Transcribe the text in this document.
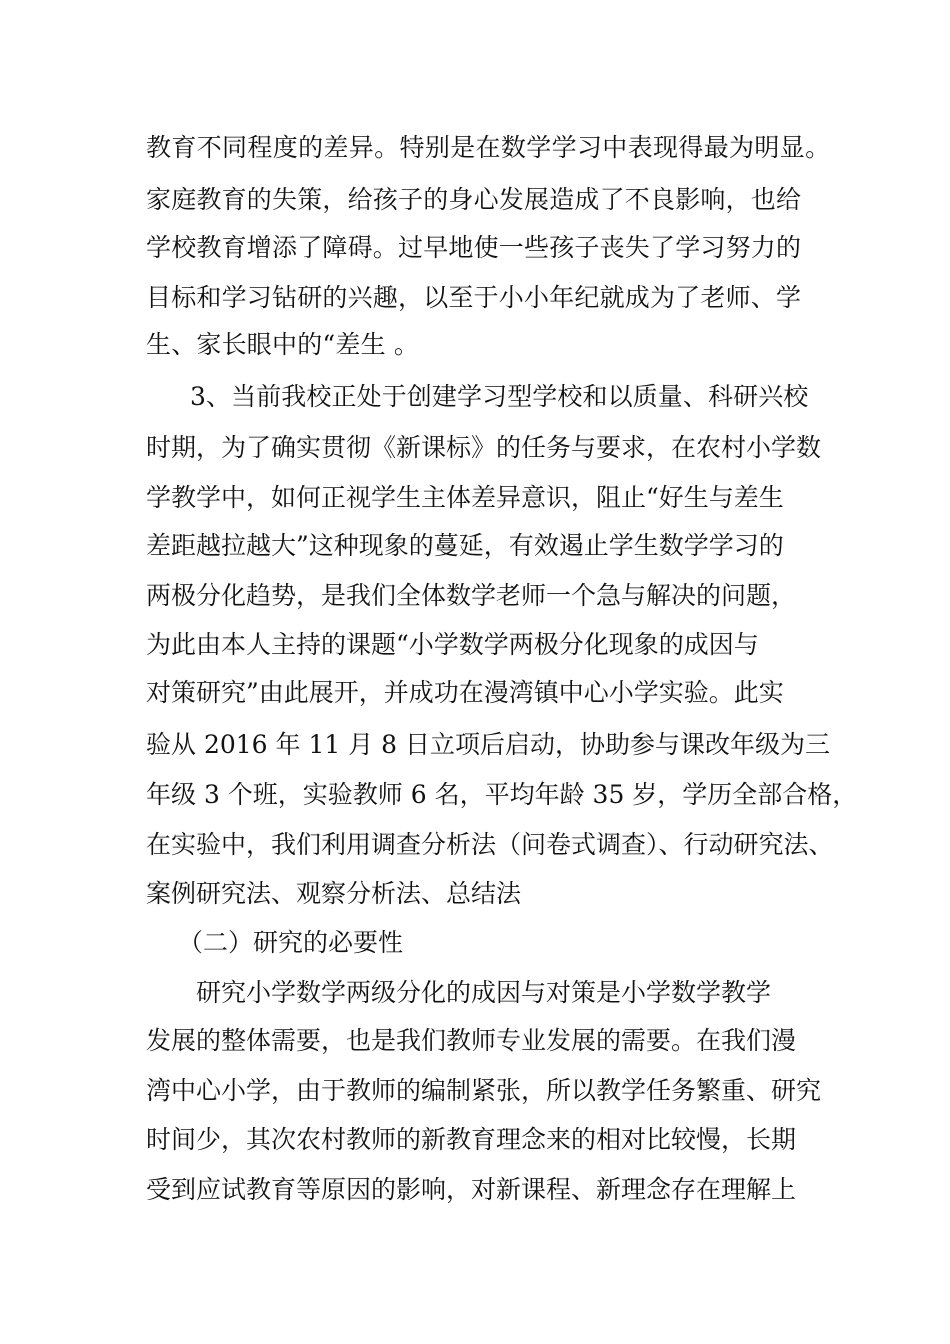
教育不同程度的差异。特别是在数学学习中表现得最为明显。
家庭教育的失策，给孩子的身心发展造成了不良影响，也给
学校教育增添了障碍。过早地使一些孩子丧失了学习努力的
目标和学习钻研的兴趣，以至于小小年纪就成为了老师、学
生、家长眼中的“差生 。
3、当前我校正处于创建学习型学校和以质量、科研兴校
时期，为了确实贯彻《新课标》的任务与要求，在农村小学数
学教学中，如何正视学生主体差异意识，阻止“好生与差生
差距越拉越大”这种现象的蔓延，有效遏止学生数学学习的
两极分化趋势，是我们全体数学老师一个急与解决的问题，
为此由本人主持的课题“小学数学两极分化现象的成因与
对策研究”由此展开，并成功在漫湾镇中心小学实验。此实
验从 2016 年 11 月 8 日立项后启动，协助参与课改年级为三
年级 3 个班，实验教师 6 名，平均年龄 35 岁，学历全部合格，
在实验中，我们利用调查分析法（问卷式调查）、行动研究法、
案例研究法、观察分析法、总结法
（二）研究的必要性
研究小学数学两级分化的成因与对策是小学数学教学
发展的整体需要，也是我们教师专业发展的需要。在我们漫
湾中心小学，由于教师的编制紧张，所以教学任务繁重、研究
时间少，其次农村教师的新教育理念来的相对比较慢，长期
受到应试教育等原因的影响，对新课程、新理念存在理解上
